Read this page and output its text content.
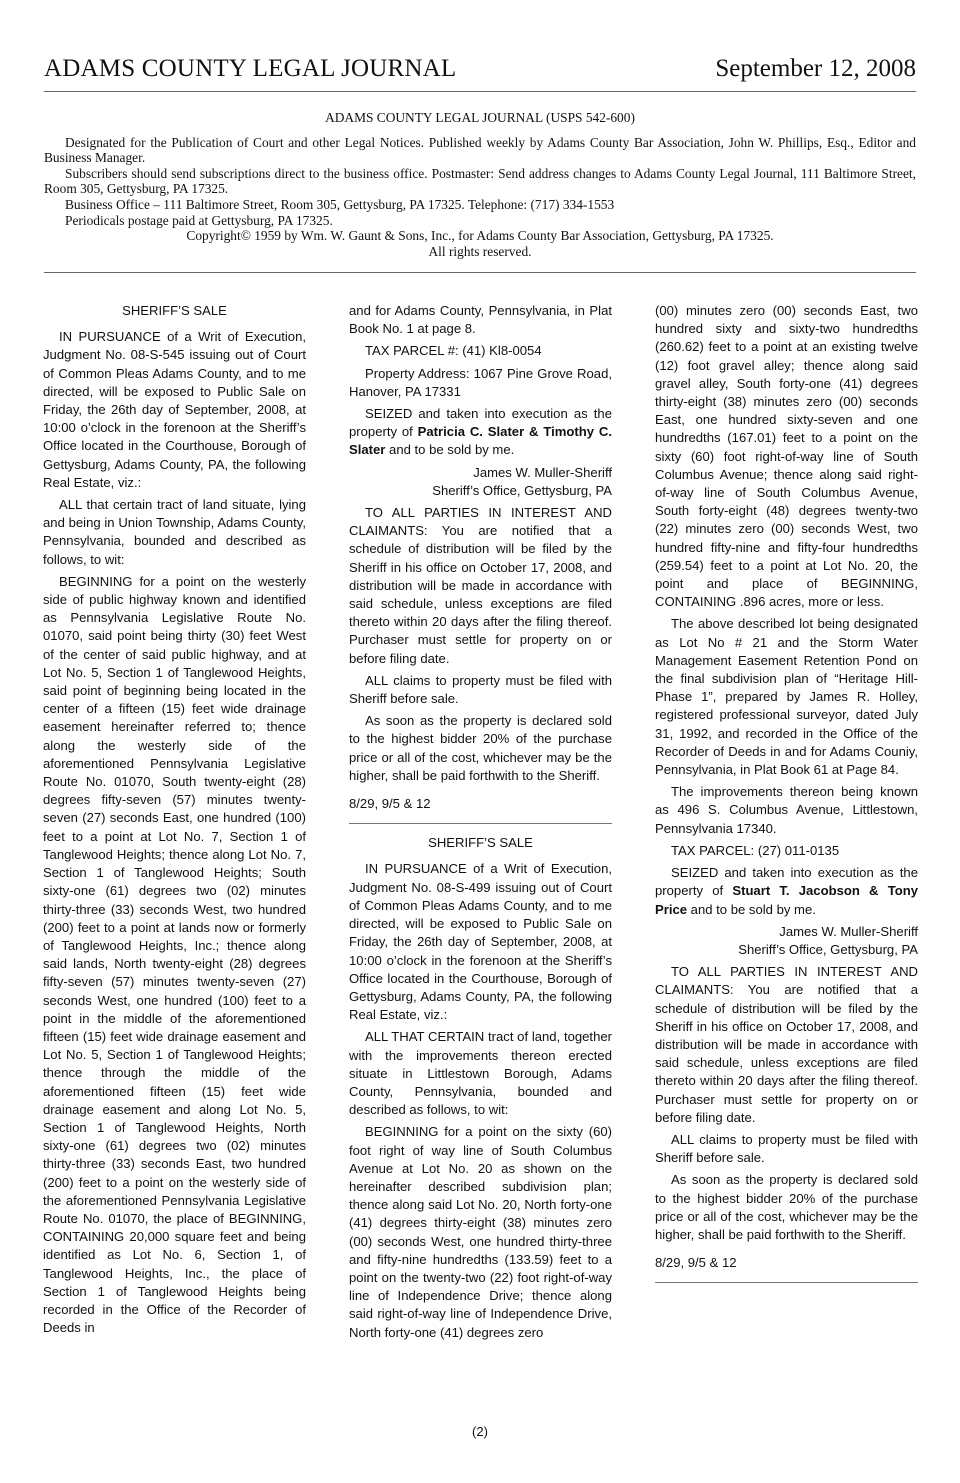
ADAMS COUNTY LEGAL JOURNAL	September 12, 2008

ADAMS COUNTY LEGAL JOURNAL (USPS 542-600)

Designated for the Publication of Court and other Legal Notices. Published weekly by Adams County Bar Association, John W. Phillips, Esq., Editor and Business Manager.

Subscribers should send subscriptions direct to the business office. Postmaster: Send address changes to Adams County Legal Journal, 111 Baltimore Street, Room 305, Gettysburg, PA 17325.

Business Office – 111 Baltimore Street, Room 305, Gettysburg, PA 17325. Telephone: (717) 334-1553

Periodicals postage paid at Gettysburg, PA 17325.

Copyright© 1959 by Wm. W. Gaunt & Sons, Inc., for Adams County Bar Association, Gettysburg, PA 17325.

All rights reserved.

SHERIFF’S SALE

IN PURSUANCE of a Writ of Execution, Judgment No. 08-S-545 issuing out of Court of Common Pleas Adams County, and to me directed, will be exposed to Public Sale on Friday, the 26th day of September, 2008, at 10:00 o’clock in the forenoon at the Sheriff’s Office located in the Courthouse, Borough of Gettysburg, Adams County, PA, the following Real Estate, viz.:

ALL that certain tract of land situate, lying and being in Union Township, Adams County, Pennsylvania, bounded and described as follows, to wit:

BEGINNING for a point on the westerly side of public highway known and identified as Pennsylvania Legislative Route No. 01070, said point being thirty (30) feet West of the center of said public highway, and at Lot No. 5, Section 1 of Tanglewood Heights, said point of beginning being located in the center of a fifteen (15) feet wide drainage easement hereinafter referred to; thence along the westerly side of the aforementioned Pennsylvania Legislative Route No. 01070, South twenty-eight (28) degrees fifty-seven (57) minutes twenty-seven (27) seconds East, one hundred (100) feet to a point at Lot No. 7, Section 1 of Tanglewood Heights; thence along Lot No. 7, Section 1 of Tanglewood Heights; South sixty-one (61) degrees two (02) minutes thirty-three (33) seconds West, two hundred (200) feet to a point at lands now or formerly of Tanglewood Heights, Inc.; thence along said lands, North twenty-eight (28) degrees fifty-seven (57) minutes twenty-seven (27) seconds West, one hundred (100) feet to a point in the middle of the aforementioned fifteen (15) feet wide drainage easement and Lot No. 5, Section 1 of Tanglewood Heights; thence through the middle of the aforementioned fifteen (15) feet wide drainage easement and along Lot No. 5, Section 1 of Tanglewood Heights, North sixty-one (61) degrees two (02) minutes thirty-three (33) seconds East, two hundred (200) feet to a point on the westerly side of the aforementioned Pennsylvania Legislative Route No. 01070, the place of BEGINNING, CONTAINING 20,000 square feet and being identified as Lot No. 6, Section 1, of Tanglewood Heights, Inc., the place of Section 1 of Tanglewood Heights being recorded in the Office of the Recorder of Deeds in

and for Adams County, Pennsylvania, in Plat Book No. 1 at page 8.

TAX PARCEL #: (41) Kl8-0054

Property Address: 1067 Pine Grove Road, Hanover, PA 17331

SEIZED and taken into execution as the property of Patricia C. Slater & Timothy C. Slater and to be sold by me.

James W. Muller-Sheriff

Sheriff’s Office, Gettysburg, PA

TO ALL PARTIES IN INTEREST AND CLAIMANTS: You are notified that a schedule of distribution will be filed by the Sheriff in his office on October 17, 2008, and distribution will be made in accordance with said schedule, unless exceptions are filed thereto within 20 days after the filing thereof. Purchaser must settle for property on or before filing date.

ALL claims to property must be filed with Sheriff before sale.

As soon as the property is declared sold to the highest bidder 20% of the purchase price or all of the cost, whichever may be the higher, shall be paid forthwith to the Sheriff.

8/29, 9/5 & 12

SHERIFF’S SALE

IN PURSUANCE of a Writ of Execution, Judgment No. 08-S-499 issuing out of Court of Common Pleas Adams County, and to me directed, will be exposed to Public Sale on Friday, the 26th day of September, 2008, at 10:00 o’clock in the forenoon at the Sheriff’s Office located in the Courthouse, Borough of Gettysburg, Adams County, PA, the following Real Estate, viz.:

ALL THAT CERTAIN tract of land, together with the improvements thereon erected situate in Littlestown Borough, Adams County, Pennsylvania, bounded and described as follows, to wit:

BEGINNING for a point on the sixty (60) foot right of way line of South Columbus Avenue at Lot No. 20 as shown on the hereinafter described subdivision plan; thence along said Lot No. 20, North forty-one (41) degrees thirty-eight (38) minutes zero (00) seconds West, one hundred thirty-three and fifty-nine hundredths (133.59) feet to a point on the twenty-two (22) foot right-of-way line of Independence Drive; thence along said right-of-way line of Independence Drive, North forty-one (41) degrees zero

(00) minutes zero (00) seconds East, two hundred sixty and sixty-two hundredths (260.62) feet to a point at an existing twelve (12) foot gravel alley; thence along said gravel alley, South forty-one (41) degrees thirty-eight (38) minutes zero (00) seconds East, one hundred sixty-seven and one hundredths (167.01) feet to a point on the sixty (60) foot right-of-way line of South Columbus Avenue; thence along said right-of-way line of South Columbus Avenue, South forty-eight (48) degrees twenty-two (22) minutes zero (00) seconds West, two hundred fifty-nine and fifty-four hundredths (259.54) feet to a point at Lot No. 20, the point and place of BEGINNING, CONTAINING .896 acres, more or less.

The above described lot being designated as Lot No # 21 and the Storm Water Management Easement Retention Pond on the final subdivision plan of “Heritage Hill-Phase 1”, prepared by James R. Holley, registered professional surveyor, dated July 31, 1992, and recorded in the Office of the Recorder of Deeds in and for Adams Couniy, Pennsylvania, in Plat Book 61 at Page 84.

The improvements thereon being known as 496 S. Columbus Avenue, Littlestown, Pennsylvania 17340.

TAX PARCEL: (27) 011-0135

SEIZED and taken into execution as the property of Stuart T. Jacobson & Tony Price and to be sold by me.

James W. Muller-Sheriff

Sheriff’s Office, Gettysburg, PA

TO ALL PARTIES IN INTEREST AND CLAIMANTS: You are notified that a schedule of distribution will be filed by the Sheriff in his office on October 17, 2008, and distribution will be made in accordance with said schedule, unless exceptions are filed thereto within 20 days after the filing thereof. Purchaser must settle for property on or before filing date.

ALL claims to property must be filed with Sheriff before sale.

As soon as the property is declared sold to the highest bidder 20% of the purchase price or all of the cost, whichever may be the higher, shall be paid forthwith to the Sheriff.

8/29, 9/5 & 12

(2)
